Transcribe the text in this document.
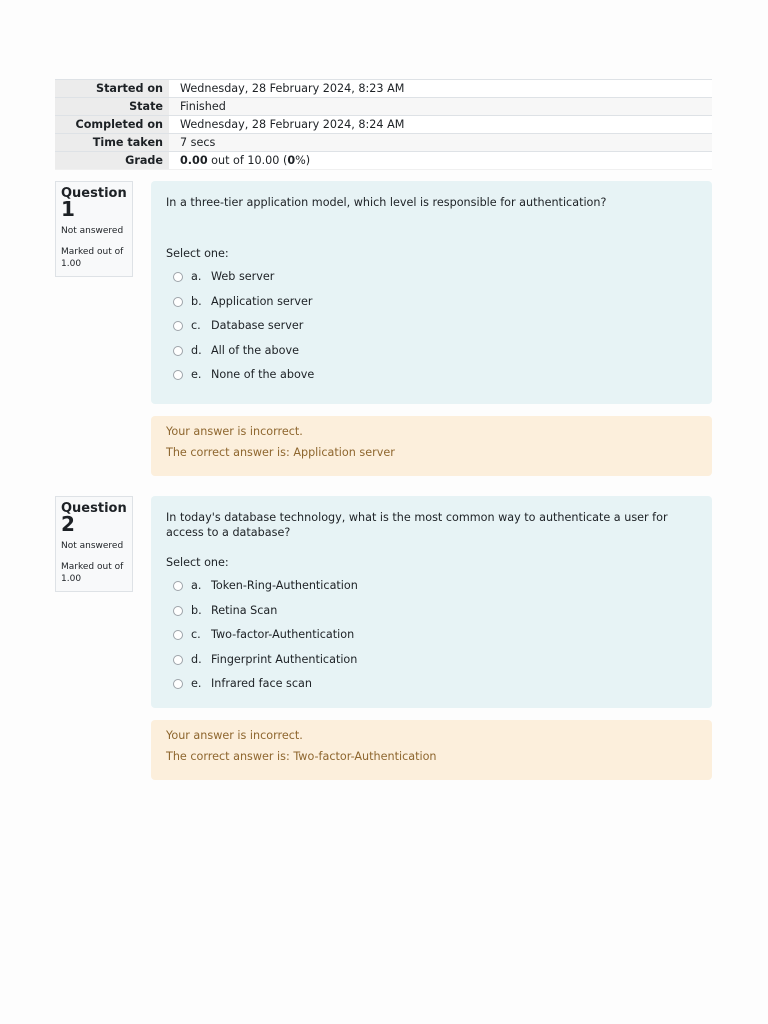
Started on	Wednesday, 28 February 2024, 8:23 AM
State	Finished
Completed on	Wednesday, 28 February 2024, 8:24 AM
Time taken	7 secs
Grade	0.00 out of 10.00 (0%)
Question
1
Not answered
Marked out of 1.00
In a three-tier application model, which level is responsible for authentication?
Select one:
a. Web server
b. Application server
c. Database server
d. All of the above
e. None of the above
Your answer is incorrect.
The correct answer is: Application server
Question
2
Not answered
Marked out of 1.00
In today's database technology, what is the most common way to authenticate a user for access to a database?
Select one:
a. Token-Ring-Authentication
b. Retina Scan
c. Two-factor-Authentication
d. Fingerprint Authentication
e. Infrared face scan
Your answer is incorrect.
The correct answer is: Two-factor-Authentication
